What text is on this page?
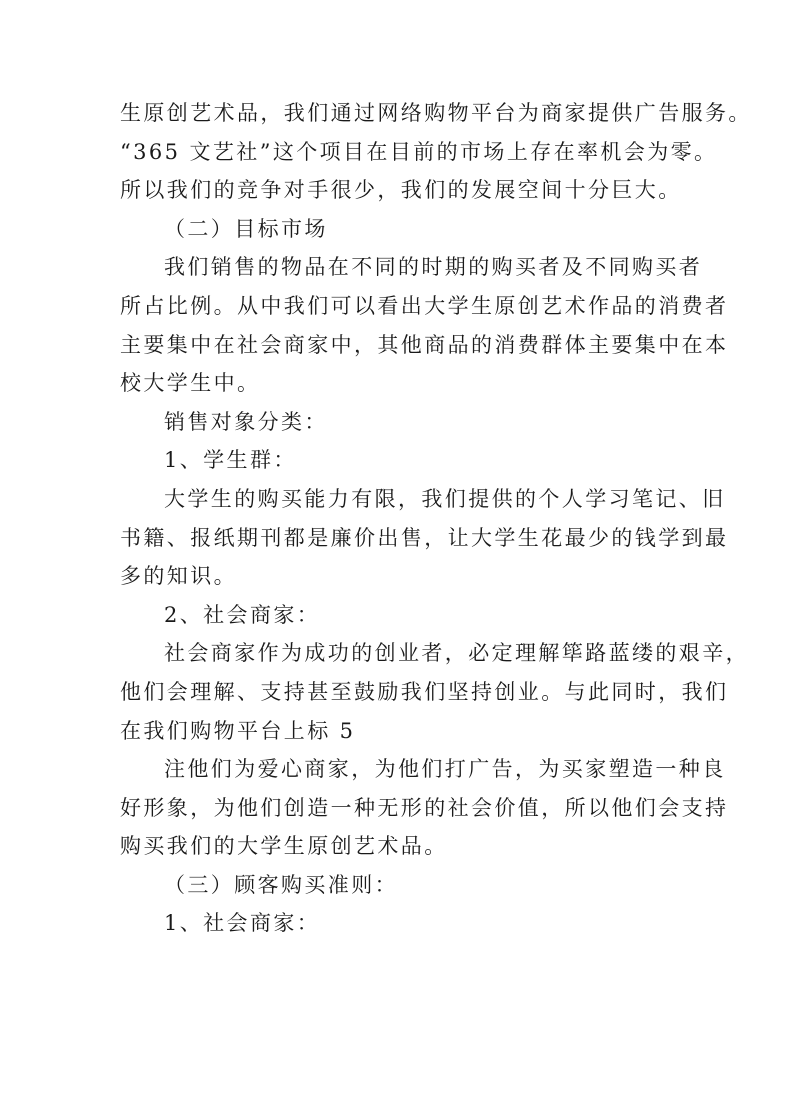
生原创艺术品，我们通过网络购物平台为商家提供广告服务。
“365 文艺社”这个项目在目前的市场上存在率机会为零。
所以我们的竞争对手很少，我们的发展空间十分巨大。
（二）目标市场
我们销售的物品在不同的时期的购买者及不同购买者
所占比例。从中我们可以看出大学生原创艺术作品的消费者
主要集中在社会商家中，其他商品的消费群体主要集中在本
校大学生中。
销售对象分类：
1、学生群：
大学生的购买能力有限，我们提供的个人学习笔记、旧
书籍、报纸期刊都是廉价出售，让大学生花最少的钱学到最
多的知识。
2、社会商家：
社会商家作为成功的创业者，必定理解筚路蓝缕的艰辛，
他们会理解、支持甚至鼓励我们坚持创业。与此同时，我们
在我们购物平台上标 5
注他们为爱心商家，为他们打广告，为买家塑造一种良
好形象，为他们创造一种无形的社会价值，所以他们会支持
购买我们的大学生原创艺术品。
（三）顾客购买准则：
1、社会商家：
